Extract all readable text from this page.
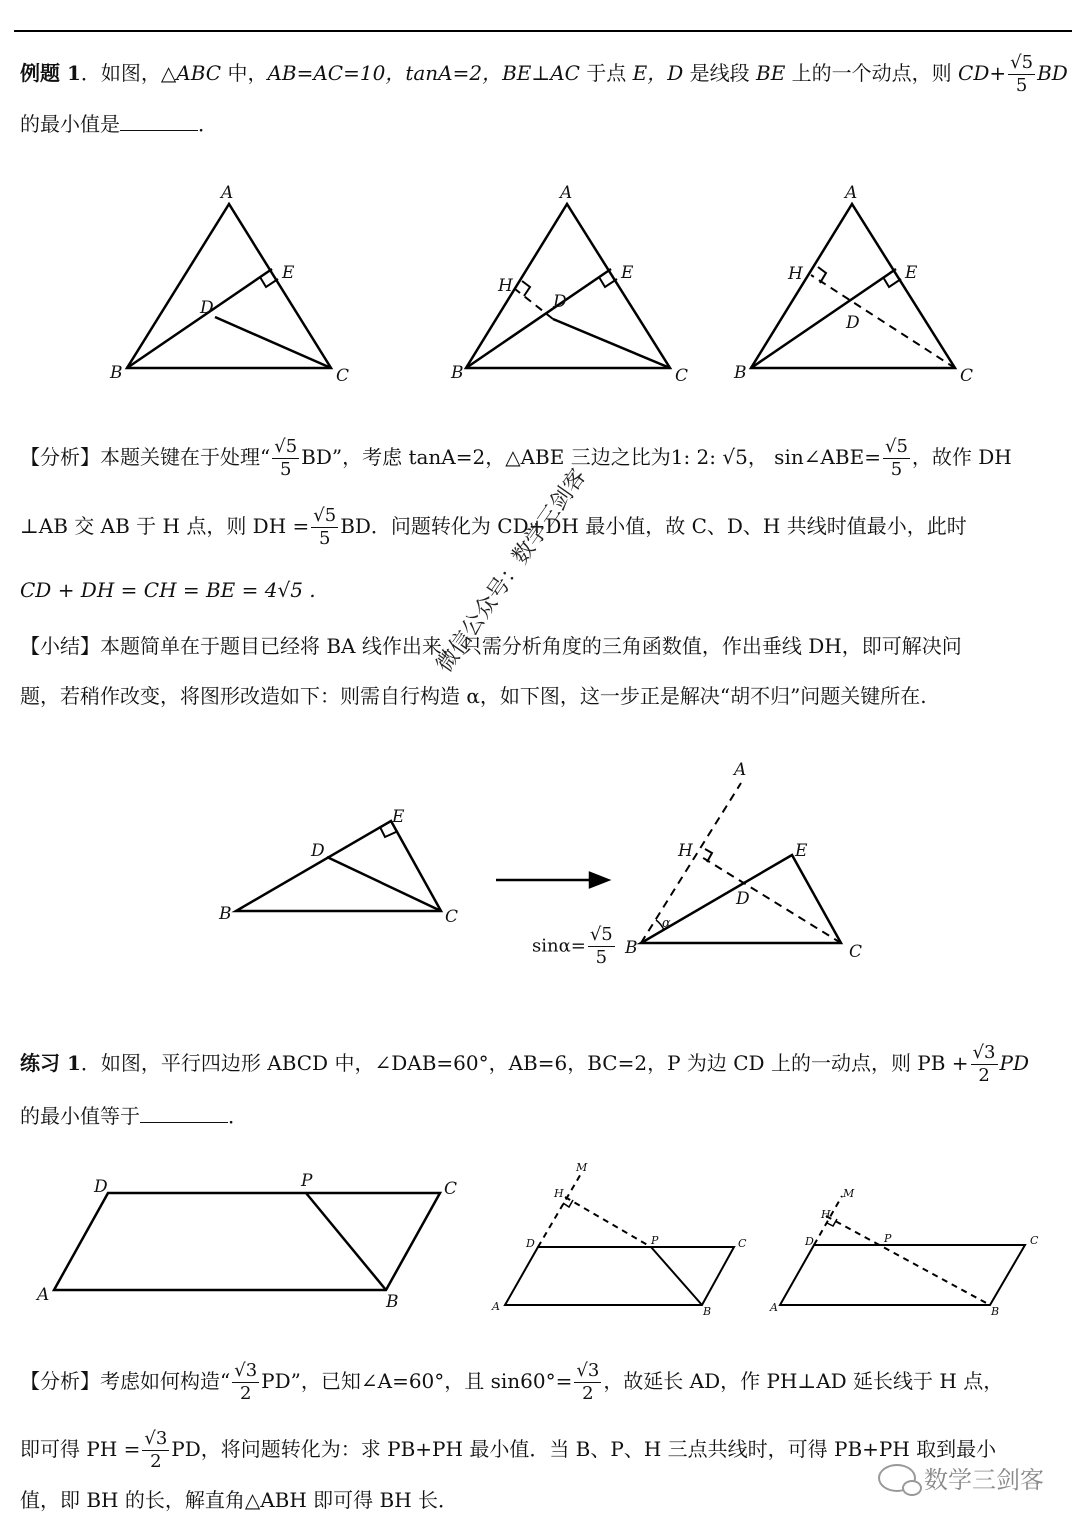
例题 1．如图，△ABC 中，AB=AC=10，tanA=2，BE⊥AC 于点 E，D 是线段 BE 上的一个动点，则 $CD+ \frac{√5}{5}$ BD
的最小值是	．
【分析】本题关键在于处理“ $\frac{√5}{5}$ BD”，考虑 tanA=2，△ABE 三边之比为1: 2: √5， sin∠ABE= $\frac{√5}{5}$ ，故作 DH
⊥AB 交 AB 于 H 点，则 DH = $\frac{√5}{5}$ BD．问题转化为 CD+DH 最小值，故 C、D、H 共线时值最小，此时
CD + DH = CH = BE = 4√5 .
【小结】本题简单在于题目已经将 BA 线作出来，只需分析角度的三角函数值，作出垂线 DH，即可解决问
题，若稍作改变，将图形改造如下：则需自行构造 α，如下图，这一步正是解决“胡不归”问题关键所在.
练习 1．如图，平行四边形 ABCD 中，∠DAB=60°，AB=6，BC=2，P 为边 CD 上的一动点，则 PB + $\frac{√3}{2}$ PD
的最小值等于	．
【分析】考虑如何构造“ $\frac{√3}{2}$ PD”，已知∠A=60°，且 $\sin 60^\circ= \frac{√3}{2}$ ，故延长 AD，作 PH⊥AD 延长线于 H 点，
即可得 PH = $\frac{√3}{2}$ PD，将问题转化为：求 PB+PH 最小值．当 B、P、H 三点共线时，可得 PB+PH 取到最小
值，即 BH 的长，解直角△ABH 即可得 BH 长．
微信公众号：数学三剑客
数学三剑客
$\sin\alpha= \frac{√5}{5}$
A
B	C
D
E
A
B	C
D
E
H
A
B	C
D
E
H
B	C
D
E
A
B	C
D
E
H
α
D	C
A	B
P
M
H
D	C
P
A	B
M
H
D	C
P
A	B
